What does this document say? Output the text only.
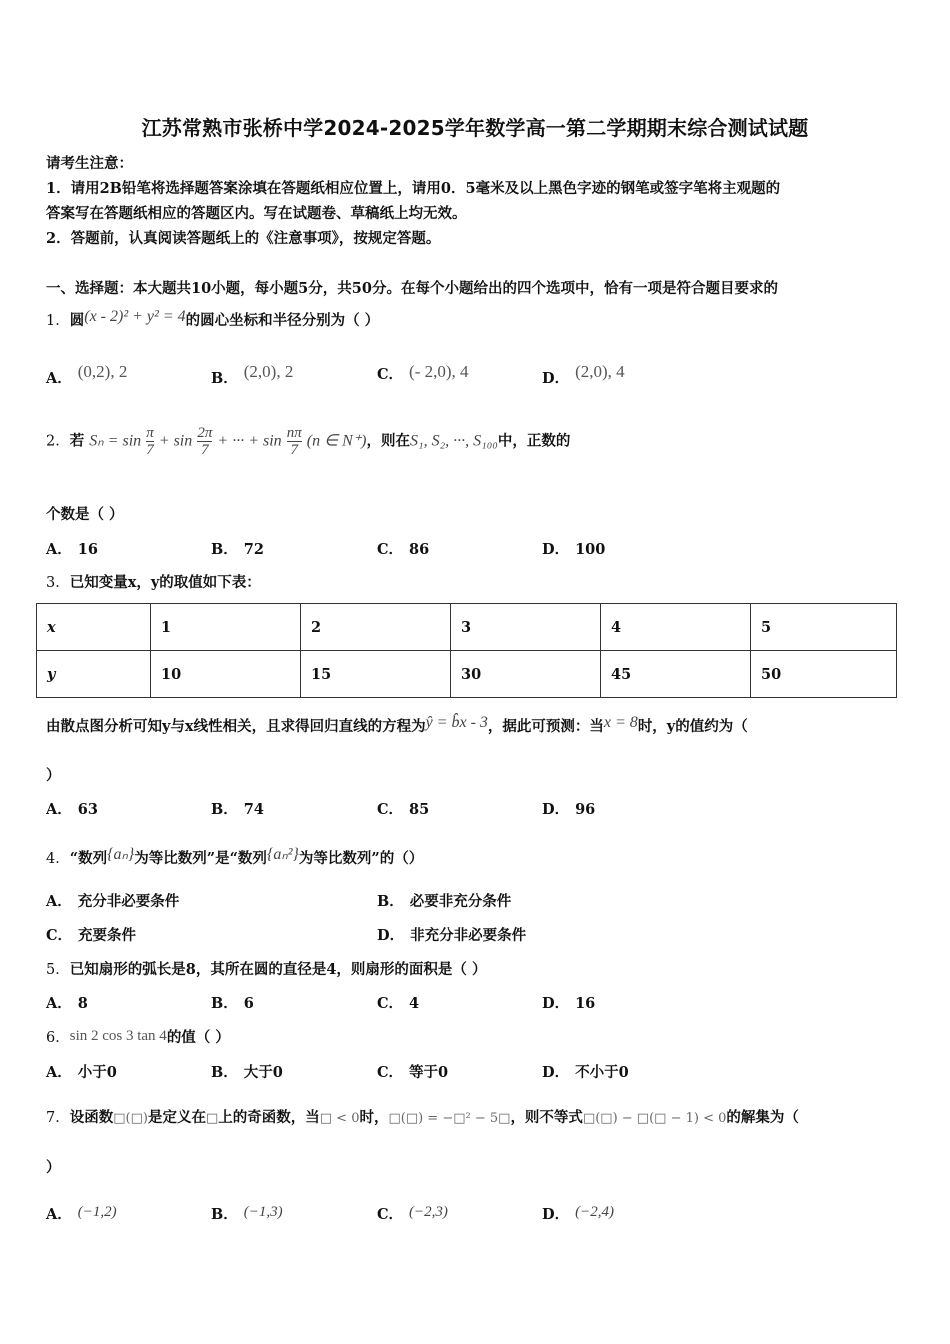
江苏常熟市张桥中学2024-2025学年数学高一第二学期期末综合测试试题
请考生注意：
1．请用2B铅笔将选择题答案涂填在答题纸相应位置上，请用0．5毫米及以上黑色字迹的钢笔或签字笔将主观题的
答案写在答题纸相应的答题区内。写在试题卷、草稿纸上均无效。
2．答题前，认真阅读答题纸上的《注意事项》，按规定答题。
一、选择题：本大题共10小题，每小题5分，共50分。在每个小题给出的四个选项中，恰有一项是符合题目要求的
1．圆(x - 2)² + y² = 4的圆心坐标和半径分别为（ ）
A． (0,2), 2	B． (2,0), 2	C． (- 2,0), 4	D． (2,0), 4
2．若 $S_n = \sin \frac{\pi}{7} + \sin \frac{2\pi}{7}$ + ··· + $\sin \frac{n\pi}{7} (n$ ∈ N⁺)，则在S₁, S₂, ···, S₁₀₀中，正数的
个数是（ ）
A． 16	B． 72	C． 86	D． 100
3．已知变量x，y的取值如下表：
x	1	2	3	4	5
y	10	15	30	45	50
由散点图分析可知y与x线性相关，且求得回归直线的方程为ŷ = b̂x - 3，据此可预测：当x = 8时，y的值约为（
）
A． 63	B． 74	C． 85	D． 96
4．“数列{aₙ}为等比数列”是“数列{aₙ²}为等比数列”的（）
A． 充分非必要条件	B． 必要非充分条件
C． 充要条件	D． 非充分非必要条件
5．已知扇形的弧长是8，其所在圆的直径是4，则扇形的面积是（ ）
A． 8	B． 6	C． 4	D． 16
6．sin 2 cos 3 tan 4的值（ ）
A． 小于0	B． 大于0	C． 等于0	D． 不小于0
7．设函数□(□)是定义在□上的奇函数，当□ < 0时，□(□) = −□² − 5□，则不等式□(□) − □(□ − 1) < 0的解集为（
）
A． (−1,2)	B． (−1,3)	C． (−2,3)	D． (−2,4)
